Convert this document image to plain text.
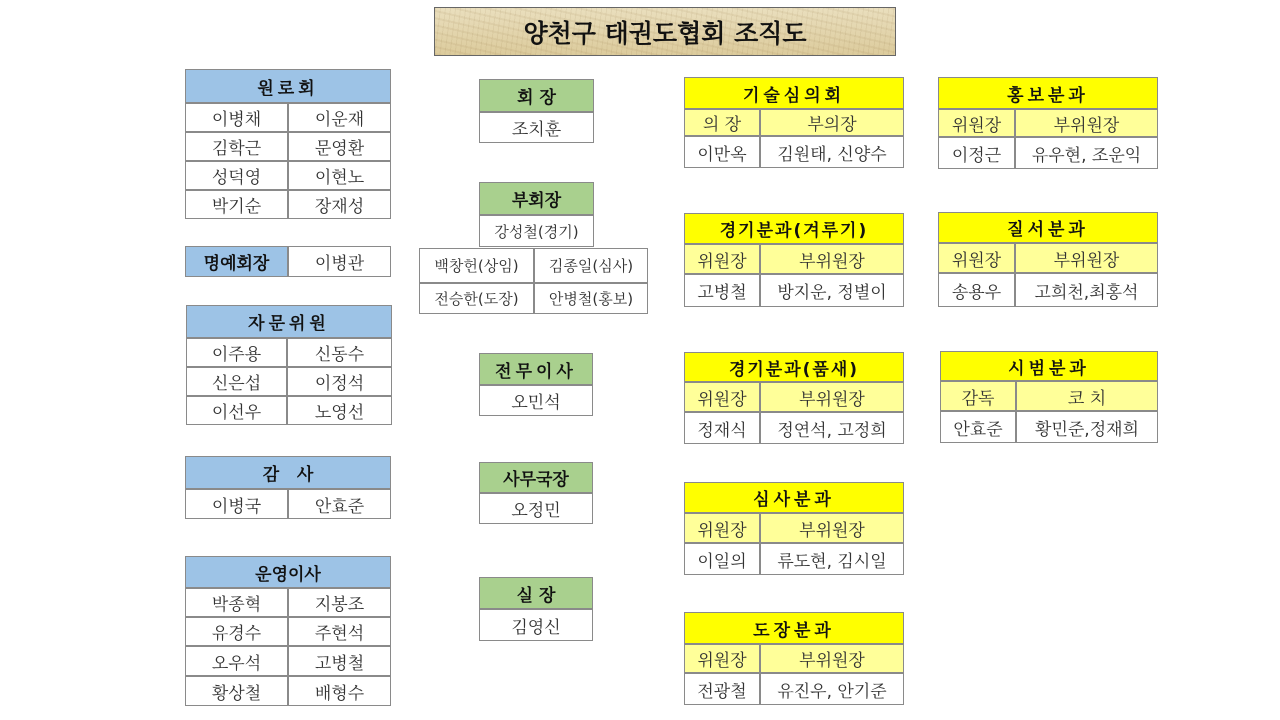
양천구 태권도협회 조직도
원로회
이병채	이운재
김학근	문영환
성덕영	이현노
박기순	장재성
명예회장	이병관
자문위원
이주용	신동수
신은섭	이정석
이선우	노영선
감   사
이병국	안효준
운영이사
박종혁	지봉조
유경수	주현석
오우석	고병철
황상철	배형수
회 장
조치훈
부회장
강성철(경기)
백창헌(상임)	김종일(심사)
전승한(도장)	안병철(홍보)
전무이사
오민석
사무국장
오정민
실 장
김영신
기술심의회
의 장	부의장
이만옥	김원태, 신양수
경기분과(겨루기)
위원장	부위원장
고병철	방지운, 정별이
경기분과(품새)
위원장	부위원장
정재식	정연석, 고정희
심사분과
위원장	부위원장
이일의	류도현, 김시일
도장분과
위원장	부위원장
전광철	유진우, 안기준
홍보분과
위원장	부위원장
이정근	유우현, 조운익
질서분과
위원장	부위원장
송용우	고희천,최홍석
시범분과
감독	코 치
안효준	황민준,정재희
